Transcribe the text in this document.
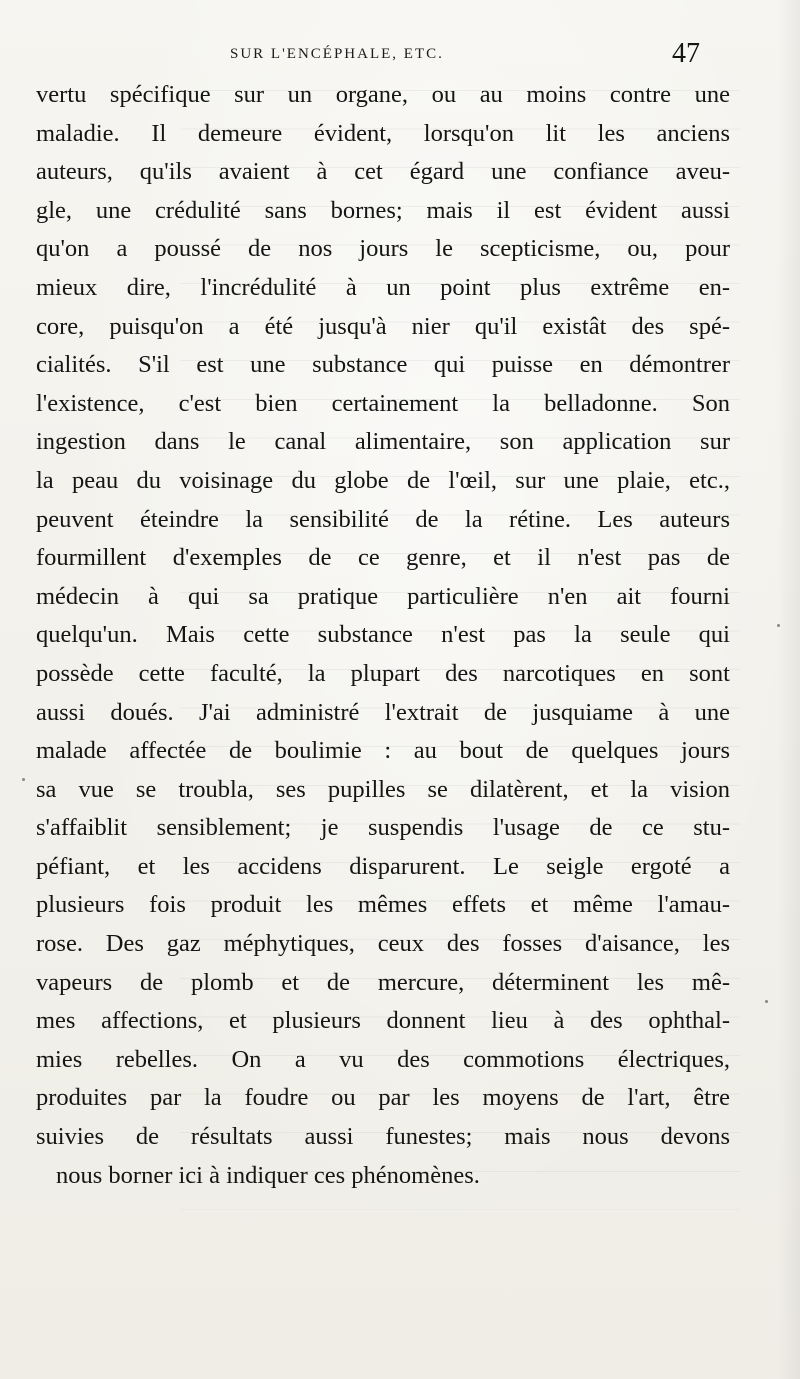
SUR L'ENCÉPHALE, ETC.	47
vertu spécifique sur un organe, ou au moins contre une
maladie. Il demeure évident, lorsqu'on lit les anciens
auteurs, qu'ils avaient à cet égard une confiance aveu-
gle, une crédulité sans bornes; mais il est évident aussi
qu'on a poussé de nos jours le scepticisme, ou, pour
mieux dire, l'incrédulité à un point plus extrême en-
core, puisqu'on a été jusqu'à nier qu'il existât des spé-
cialités. S'il est une substance qui puisse en démontrer
l'existence, c'est bien certainement la belladonne. Son
ingestion dans le canal alimentaire, son application sur
la peau du voisinage du globe de l'œil, sur une plaie, etc.,
peuvent éteindre la sensibilité de la rétine. Les auteurs
fourmillent d'exemples de ce genre, et il n'est pas de
médecin à qui sa pratique particulière n'en ait fourni
quelqu'un. Mais cette substance n'est pas la seule qui
possède cette faculté, la plupart des narcotiques en sont
aussi doués. J'ai administré l'extrait de jusquiame à une
malade affectée de boulimie : au bout de quelques jours
sa vue se troubla, ses pupilles se dilatèrent, et la vision
s'affaiblit sensiblement; je suspendis l'usage de ce stu-
péfiant, et les accidens disparurent. Le seigle ergoté a
plusieurs fois produit les mêmes effets et même l'amau-
rose. Des gaz méphytiques, ceux des fosses d'aisance, les
vapeurs de plomb et de mercure, déterminent les mê-
mes affections, et plusieurs donnent lieu à des ophthal-
mies rebelles. On a vu des commotions électriques,
produites par la foudre ou par les moyens de l'art, être
suivies de résultats aussi funestes; mais nous devons
nous borner ici à indiquer ces phénomènes.
